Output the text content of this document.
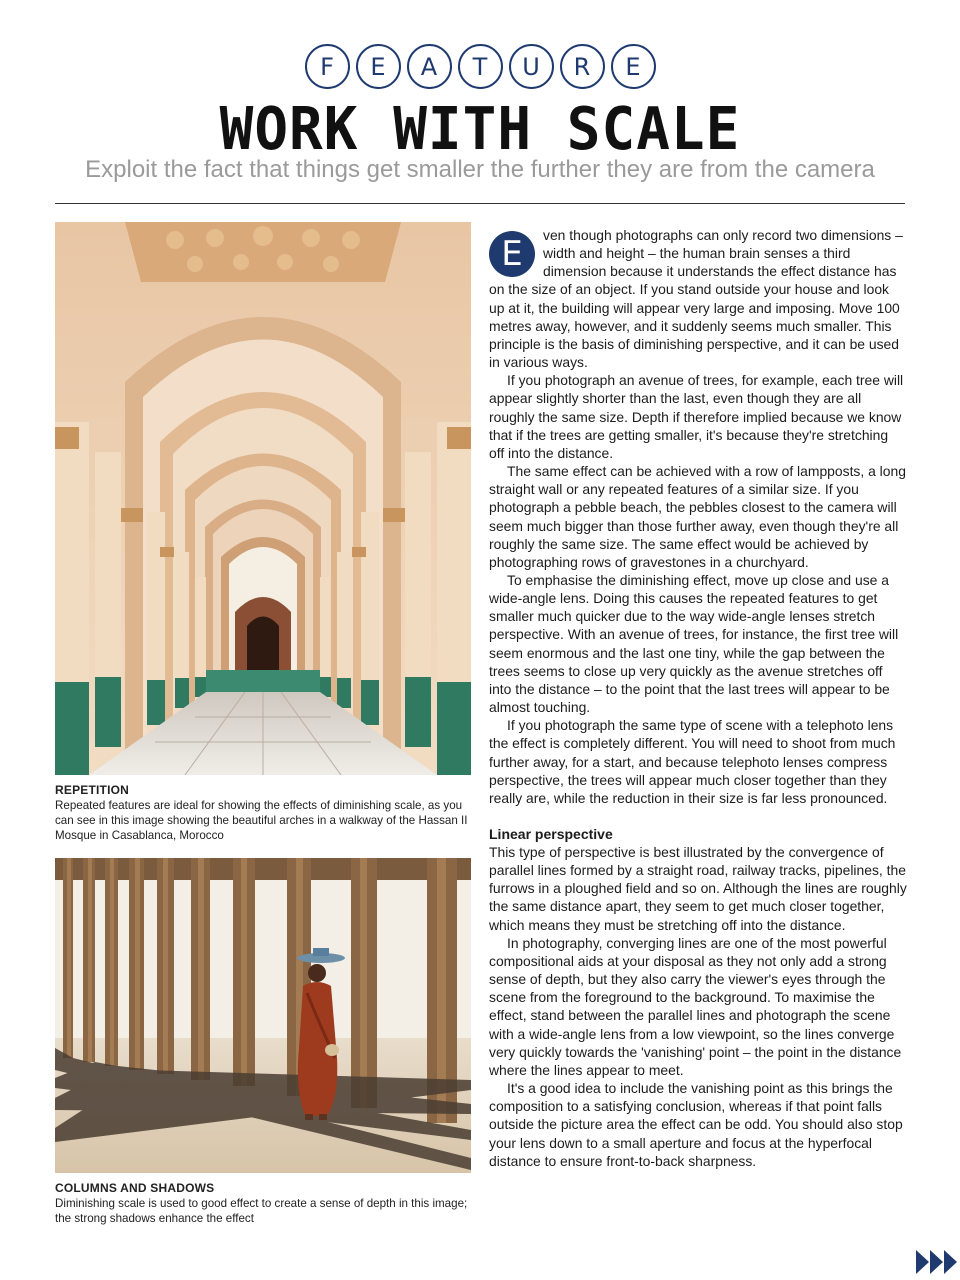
F	E	A	T	U	R	E
WORK WITH SCALE
Exploit the fact that things get smaller the further they are from the camera
REPETITION
Repeated features are ideal for showing the effects of diminishing scale, as you can see in this image showing the beautiful arches in a walkway of the Hassan II Mosque in Casablanca, Morocco
COLUMNS AND SHADOWS
Diminishing scale is used to good effect to create a sense of depth in this image; the strong shadows enhance the effect

E	ven though photographs can only record two dimensions – width and height – the human brain senses a third dimension because it understands the effect distance has on the size of an object. If you stand outside your house and look up at it, the building will appear very large and imposing. Move 100 metres away, however, and it suddenly seems much smaller. This principle is the basis of diminishing perspective, and it can be used in various ways.

If you photograph an avenue of trees, for example, each tree will appear slightly shorter than the last, even though they are all roughly the same size. Depth if therefore implied because we know that if the trees are getting smaller, it's because they're stretching off into the distance.

The same effect can be achieved with a row of lampposts, a long straight wall or any repeated features of a similar size. If you photograph a pebble beach, the pebbles closest to the camera will seem much bigger than those further away, even though they're all roughly the same size. The same effect would be achieved by photographing rows of gravestones in a churchyard.

To emphasise the diminishing effect, move up close and use a wide-angle lens. Doing this causes the repeated features to get smaller much quicker due to the way wide-angle lenses stretch perspective. With an avenue of trees, for instance, the first tree will seem enormous and the last one tiny, while the gap between the trees seems to close up very quickly as the avenue stretches off into the distance – to the point that the last trees will appear to be almost touching.

If you photograph the same type of scene with a telephoto lens the effect is completely different. You will need to shoot from much further away, for a start, and because telephoto lenses compress perspective, the trees will appear much closer together than they really are, while the reduction in their size is far less pronounced.

Linear perspective

This type of perspective is best illustrated by the convergence of parallel lines formed by a straight road, railway tracks, pipelines, the furrows in a ploughed field and so on. Although the lines are roughly the same distance apart, they seem to get much closer together, which means they must be stretching off into the distance.

In photography, converging lines are one of the most powerful compositional aids at your disposal as they not only add a strong sense of depth, but they also carry the viewer's eyes through the scene from the foreground to the background. To maximise the effect, stand between the parallel lines and photograph the scene with a wide-angle lens from a low viewpoint, so the lines converge very quickly towards the 'vanishing' point – the point in the distance where the lines appear to meet.

It's a good idea to include the vanishing point as this brings the composition to a satisfying conclusion, whereas if that point falls outside the picture area the effect can be odd. You should also stop your lens down to a small aperture and focus at the hyperfocal distance to ensure front-to-back sharpness.
